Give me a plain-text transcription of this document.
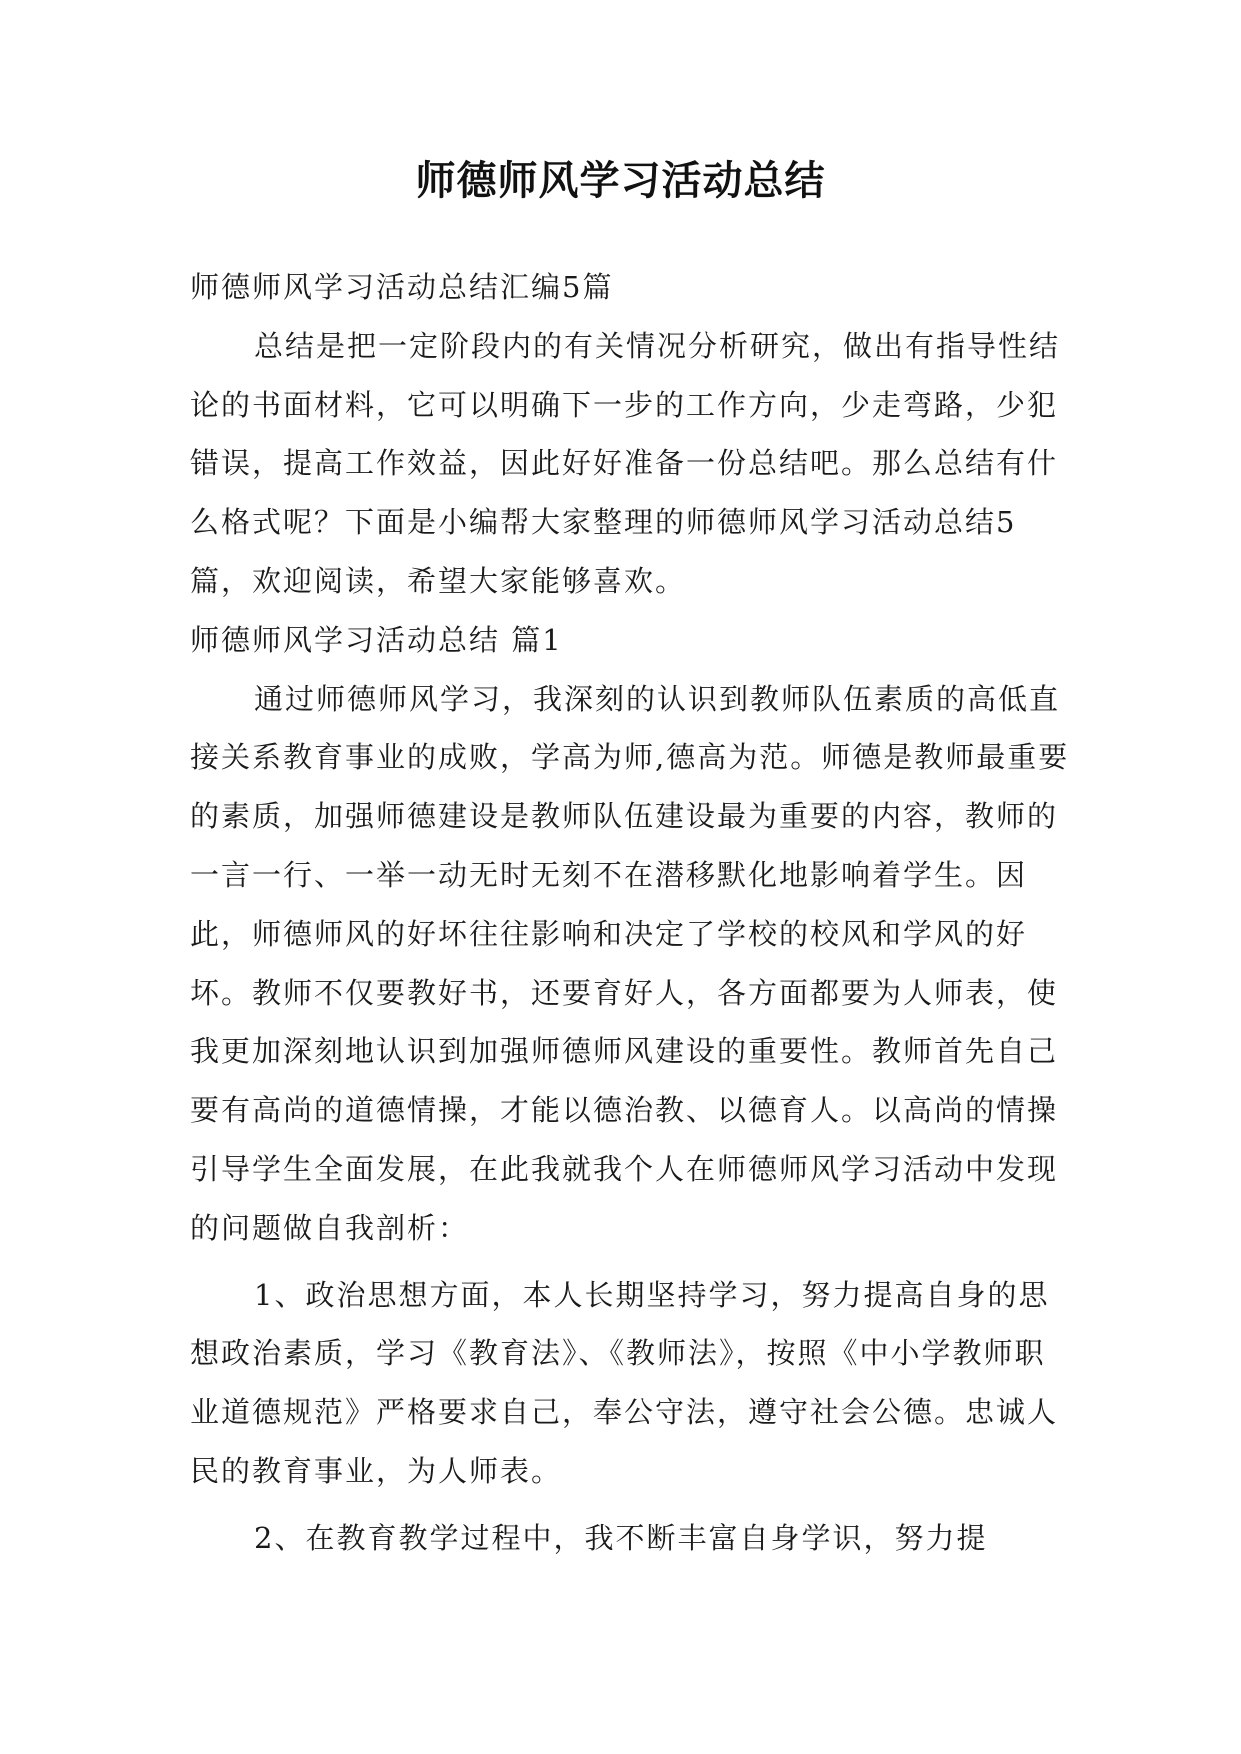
师德师风学习活动总结

师德师风学习活动总结汇编5篇

总结是把一定阶段内的有关情况分析研究，做出有指导性结论的书面材料，它可以明确下一步的工作方向，少走弯路，少犯错误，提高工作效益，因此好好准备一份总结吧。那么总结有什么格式呢？下面是小编帮大家整理的师德师风学习活动总结5篇，欢迎阅读，希望大家能够喜欢。

师德师风学习活动总结 篇1

通过师德师风学习，我深刻的认识到教师队伍素质的高低直接关系教育事业的成败，学高为师,德高为范。师德是教师最重要的素质，加强师德建设是教师队伍建设最为重要的内容，教师的一言一行、一举一动无时无刻不在潜移默化地影响着学生。因此，师德师风的好坏往往影响和决定了学校的校风和学风的好坏。教师不仅要教好书，还要育好人，各方面都要为人师表，使我更加深刻地认识到加强师德师风建设的重要性。教师首先自己要有高尚的道德情操，才能以德治教、以德育人。以高尚的情操引导学生全面发展，在此我就我个人在师德师风学习活动中发现的问题做自我剖析：

1、政治思想方面，本人长期坚持学习，努力提高自身的思想政治素质，学习《教育法》、《教师法》，按照《中小学教师职业道德规范》严格要求自己，奉公守法，遵守社会公德。忠诚人民的教育事业，为人师表。

2、在教育教学过程中，我不断丰富自身学识，努力提
